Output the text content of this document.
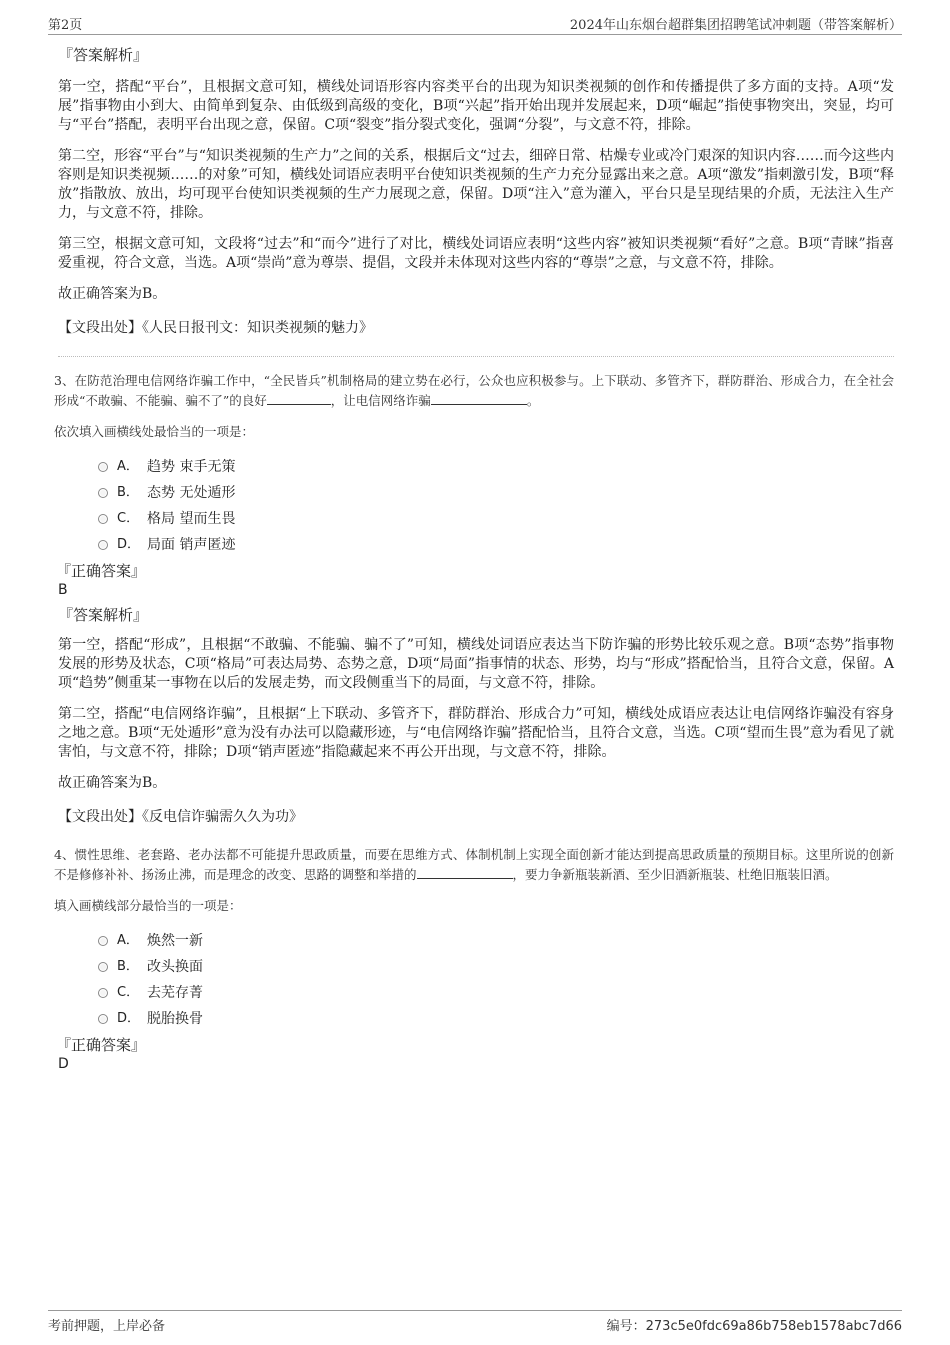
第2页	2024年山东烟台超群集团招聘笔试冲刺题（带答案解析）

『答案解析』

第一空，搭配“平台”，且根据文意可知，横线处词语形容内容类平台的出现为知识类视频的创作和传播提供了多方面的支持。A项“发展”指事物由小到大、由简单到复杂、由低级到高级的变化，B项“兴起”指开始出现并发展起来，D项“崛起”指使事物突出，突显，均可与“平台”搭配，表明平台出现之意，保留。C项“裂变”指分裂式变化，强调“分裂”，与文意不符，排除。

第二空，形容“平台”与“知识类视频的生产力”之间的关系，根据后文“过去，细碎日常、枯燥专业或冷门艰深的知识内容……而今这些内容则是知识类视频……的对象”可知，横线处词语应表明平台使知识类视频的生产力充分显露出来之意。A项“激发”指刺激引发，B项“释放”指散放、放出，均可现平台使知识类视频的生产力展现之意，保留。D项“注入”意为灌入，平台只是呈现结果的介质，无法注入生产力，与文意不符，排除。

第三空，根据文意可知，文段将“过去”和“而今”进行了对比，横线处词语应表明“这些内容”被知识类视频“看好”之意。B项“青睐”指喜爱重视，符合文意，当选。A项“崇尚”意为尊崇、提倡，文段并未体现对这些内容的“尊崇”之意，与文意不符，排除。

故正确答案为B。

【文段出处】《人民日报刊文：知识类视频的魅力》

3、在防范治理电信网络诈骗工作中，“全民皆兵”机制格局的建立势在必行，公众也应积极参与。上下联动、多管齐下，群防群治、形成合力，在全社会形成“不敢骗、不能骗、骗不了”的良好	，让电信网络诈骗	。

依次填入画横线处最恰当的一项是：

A． 趋势 束手无策
B． 态势 无处遁形
C． 格局 望而生畏
D． 局面 销声匿迹

『正确答案』

B

『答案解析』

第一空，搭配“形成”，且根据“不敢骗、不能骗、骗不了”可知，横线处词语应表达当下防诈骗的形势比较乐观之意。B项“态势”指事物发展的形势及状态，C项“格局”可表达局势、态势之意，D项“局面”指事情的状态、形势，均与“形成”搭配恰当，且符合文意，保留。A项“趋势”侧重某一事物在以后的发展走势，而文段侧重当下的局面，与文意不符，排除。

第二空，搭配“电信网络诈骗”，且根据“上下联动、多管齐下，群防群治、形成合力”可知，横线处成语应表达让电信网络诈骗没有容身之地之意。B项“无处遁形”意为没有办法可以隐藏形迹，与“电信网络诈骗”搭配恰当，且符合文意，当选。C项“望而生畏”意为看见了就害怕，与文意不符，排除；D项“销声匿迹”指隐藏起来不再公开出现，与文意不符，排除。

故正确答案为B。

【文段出处】《反电信诈骗需久久为功》

4、惯性思维、老套路、老办法都不可能提升思政质量，而要在思维方式、体制机制上实现全面创新才能达到提高思政质量的预期目标。这里所说的创新不是修修补补、扬汤止沸，而是理念的改变、思路的调整和举措的	，要力争新瓶装新酒、至少旧酒新瓶装、杜绝旧瓶装旧酒。

填入画横线部分最恰当的一项是：

A． 焕然一新
B． 改头换面
C． 去芜存菁
D． 脱胎换骨

『正确答案』

D

考前押题，上岸必备	编号：273c5e0fdc69a86b758eb1578abc7d66
